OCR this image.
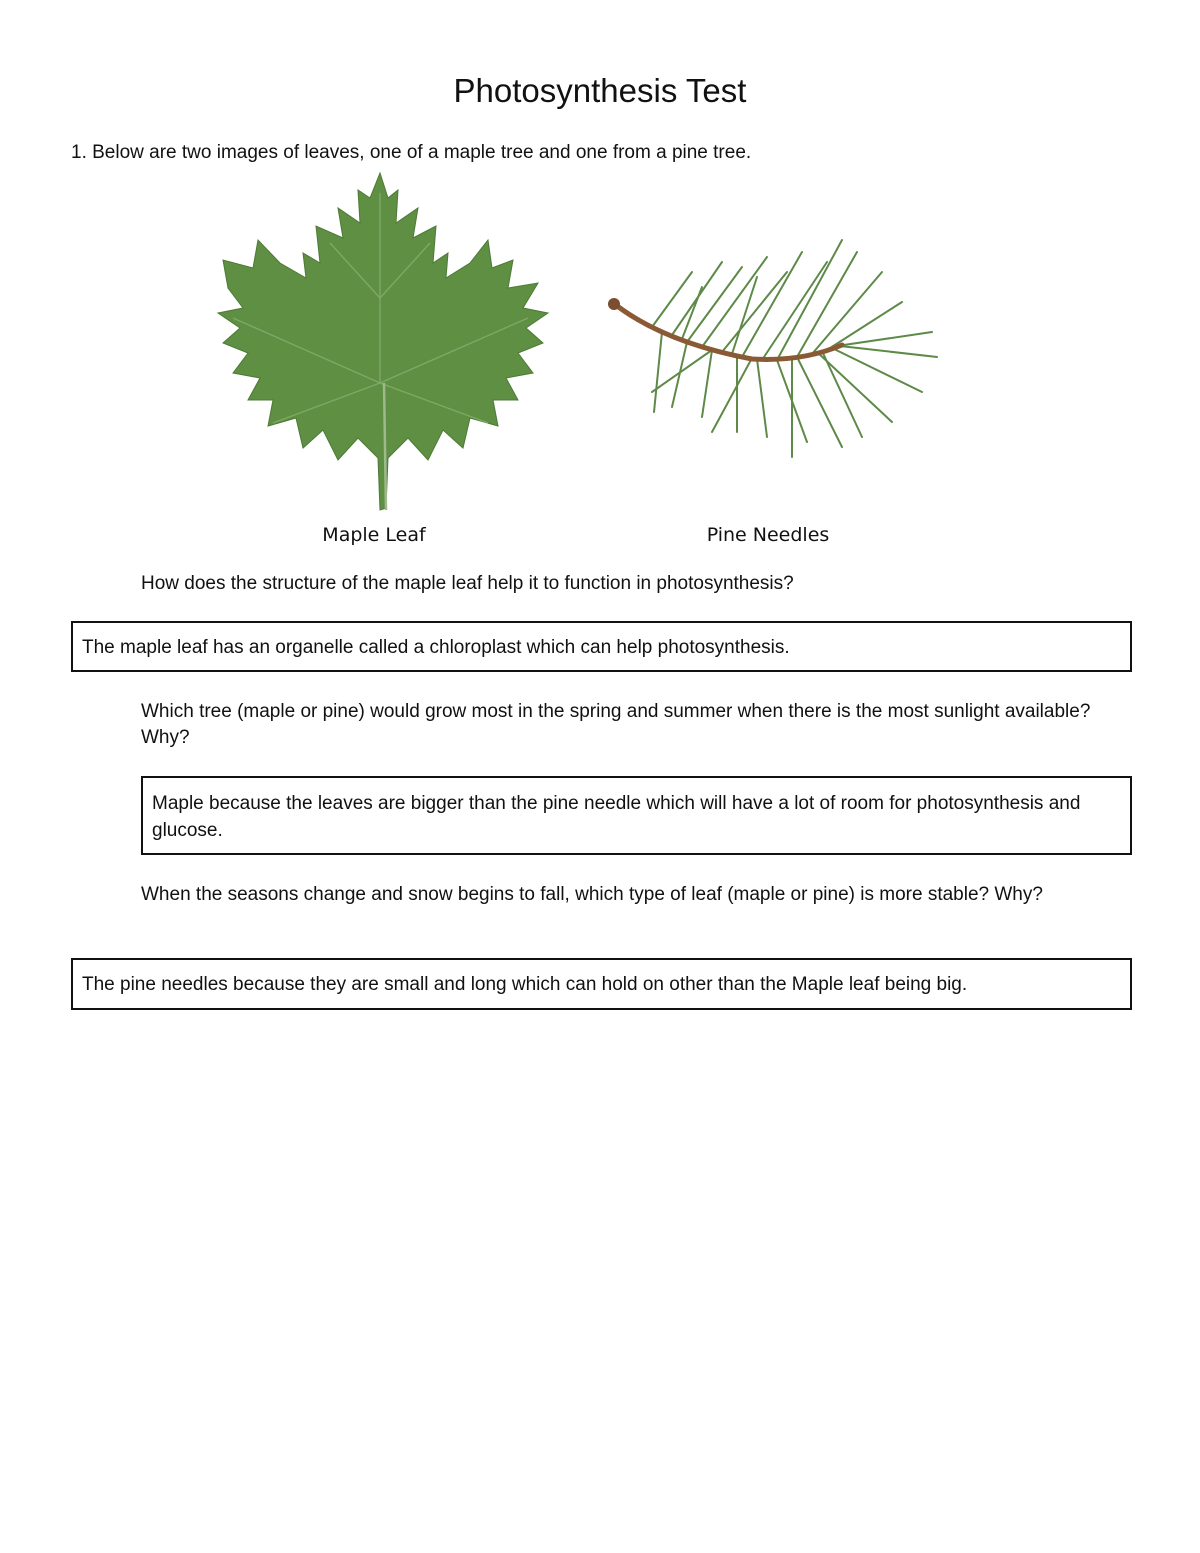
Photosynthesis Test

1. Below are two images of leaves, one of a maple tree and one from a pine tree.

Maple Leaf	Pine Needles

How does the structure of the maple leaf help it to function in photosynthesis?

The maple leaf has an organelle called a chloroplast which can help photosynthesis.

Which tree (maple or pine) would grow most in the spring and summer when there is the most sunlight available? Why?

Maple because the leaves are bigger than the pine needle which will have a lot of room for photosynthesis and glucose.

When the seasons change and snow begins to fall, which type of leaf (maple or pine) is more stable? Why?

The pine needles because they are small and long which can hold on other than the Maple leaf being big.
